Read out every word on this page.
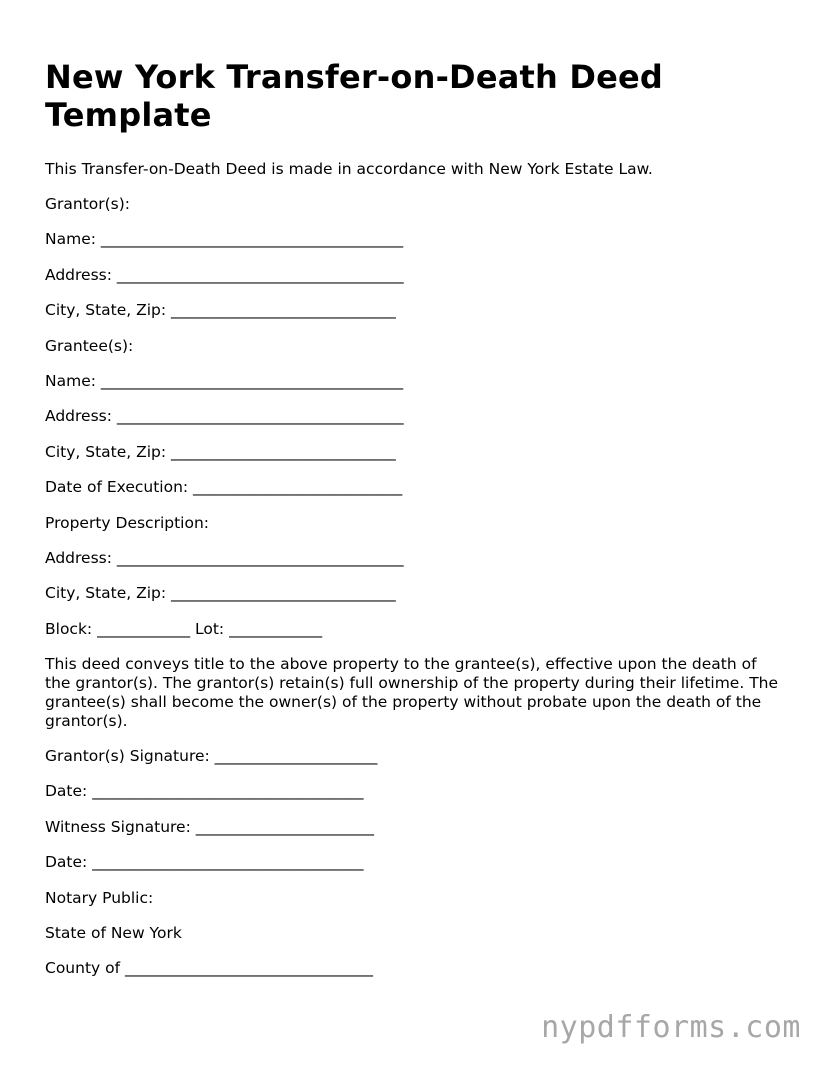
New York Transfer-on-Death Deed Template
This Transfer-on-Death Deed is made in accordance with New York Estate Law.
Grantor(s):
Name: _______________________________________
Address: _____________________________________
City, State, Zip: _____________________________
Grantee(s):
Name: _______________________________________
Address: _____________________________________
City, State, Zip: _____________________________
Date of Execution: ___________________________
Property Description:
Address: _____________________________________
City, State, Zip: _____________________________
Block: ____________ Lot: ____________

This deed conveys title to the above property to the grantee(s), effective upon the death of the grantor(s). The grantor(s) retain(s) full ownership of the property during their lifetime. The grantee(s) shall become the owner(s) of the property without probate upon the death of the grantor(s).

Grantor(s) Signature: _____________________
Date: ___________________________________
Witness Signature: _______________________
Date: ___________________________________
Notary Public:
State of New York
County of ________________________________
nypdfforms.com
